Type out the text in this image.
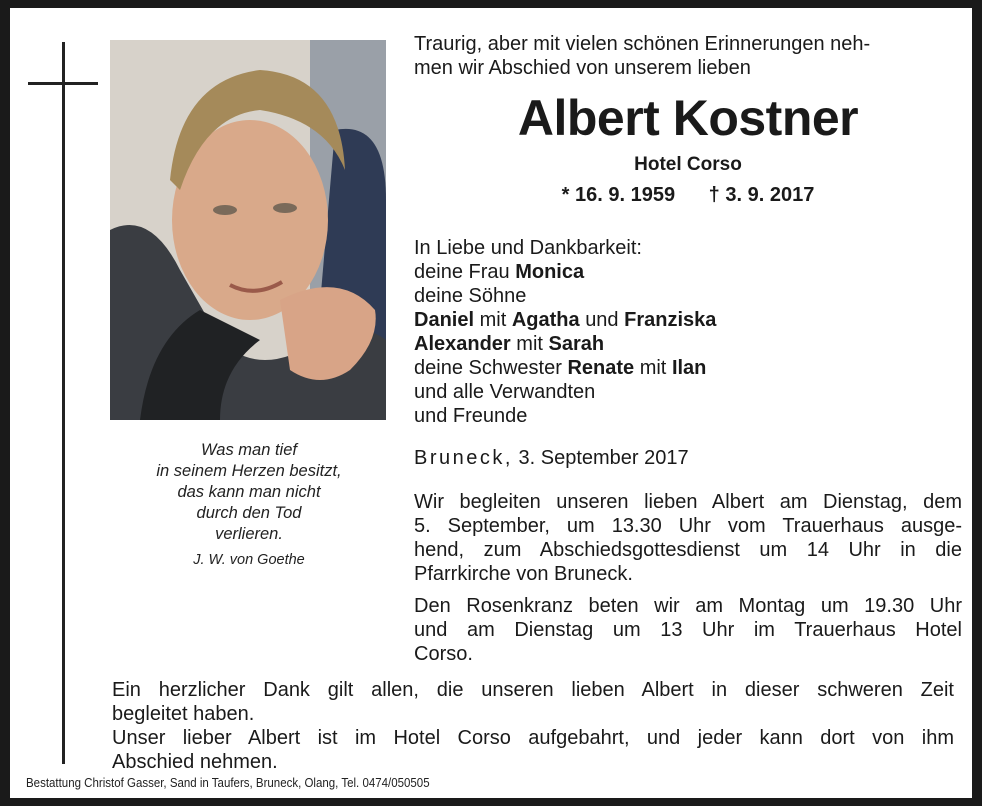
Was man tief
in seinem Herzen besitzt,
das kann man nicht
durch den Tod
verlieren.
J. W. von Goethe

Traurig, aber mit vielen schönen Erinnerungen neh-

men wir Abschied von unserem lieben

Albert Kostner
Hotel Corso
* 16. 9. 1959 † 3. 9. 2017
In Liebe und Dankbarkeit:
deine Frau Monica
deine Söhne
Daniel mit Agatha und Franziska
Alexander mit Sarah
deine Schwester Renate mit Ilan
und alle Verwandten
und Freunde
Bruneck, 3. September 2017

Wir begleiten unseren lieben Albert am Dienstag, dem

5. September, um 13.30 Uhr vom Trauerhaus ausge-

hend, zum Abschiedsgottesdienst um 14 Uhr in die

Pfarrkirche von Bruneck.

Den Rosenkranz beten wir am Montag um 19.30 Uhr

und am Dienstag um 13 Uhr im Trauerhaus Hotel

Corso.

Ein herzlicher Dank gilt allen, die unseren lieben Albert in dieser schweren Zeit

begleitet haben.

Unser lieber Albert ist im Hotel Corso aufgebahrt, und jeder kann dort von ihm

Abschied nehmen.

Bestattung Christof Gasser, Sand in Taufers, Bruneck, Olang, Tel. 0474/050505
